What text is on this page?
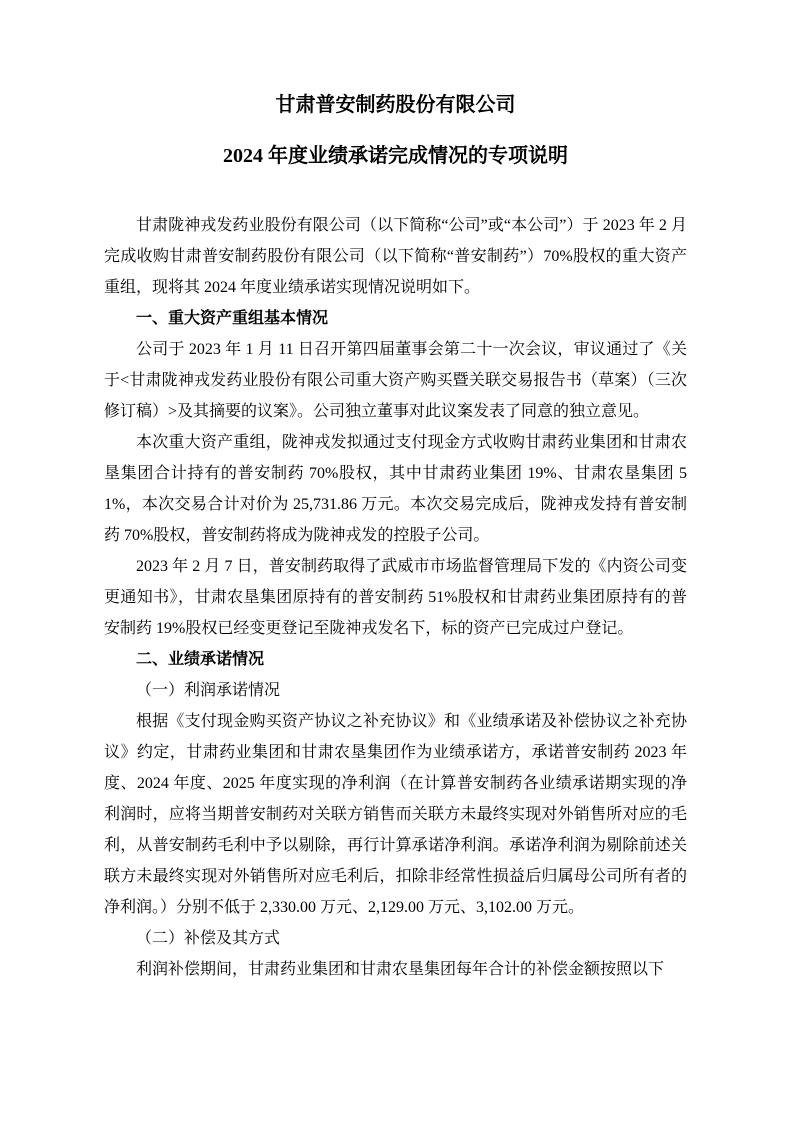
甘肃普安制药股份有限公司
2024 年度业绩承诺完成情况的专项说明

甘肃陇神戎发药业股份有限公司（以下简称“公司”或“本公司”）于 2023 年 2 月完成收购甘肃普安制药股份有限公司（以下简称“普安制药”）70%股权的重大资产重组，现将其 2024 年度业绩承诺实现情况说明如下。

一、重大资产重组基本情况

公司于 2023 年 1 月 11 日召开第四届董事会第二十一次会议，审议通过了《关于<甘肃陇神戎发药业股份有限公司重大资产购买暨关联交易报告书（草案）（三次修订稿）>及其摘要的议案》。公司独立董事对此议案发表了同意的独立意见。

本次重大资产重组，陇神戎发拟通过支付现金方式收购甘肃药业集团和甘肃农垦集团合计持有的普安制药 70%股权，其中甘肃药业集团 19%、甘肃农垦集团 51%，本次交易合计对价为 25,731.86 万元。本次交易完成后，陇神戎发持有普安制药 70%股权，普安制药将成为陇神戎发的控股子公司。

2023 年 2 月 7 日，普安制药取得了武威市市场监督管理局下发的《内资公司变更通知书》，甘肃农垦集团原持有的普安制药 51%股权和甘肃药业集团原持有的普安制药 19%股权已经变更登记至陇神戎发名下，标的资产已完成过户登记。

二、业绩承诺情况

（一）利润承诺情况

根据《支付现金购买资产协议之补充协议》和《业绩承诺及补偿协议之补充协议》约定，甘肃药业集团和甘肃农垦集团作为业绩承诺方，承诺普安制药 2023 年度、2024 年度、2025 年度实现的净利润（在计算普安制药各业绩承诺期实现的净利润时，应将当期普安制药对关联方销售而关联方未最终实现对外销售所对应的毛利，从普安制药毛利中予以剔除，再行计算承诺净利润。承诺净利润为剔除前述关联方未最终实现对外销售所对应毛利后，扣除非经常性损益后归属母公司所有者的净利润。）分别不低于 2,330.00 万元、2,129.00 万元、3,102.00 万元。

（二）补偿及其方式

利润补偿期间，甘肃药业集团和甘肃农垦集团每年合计的补偿金额按照以下
